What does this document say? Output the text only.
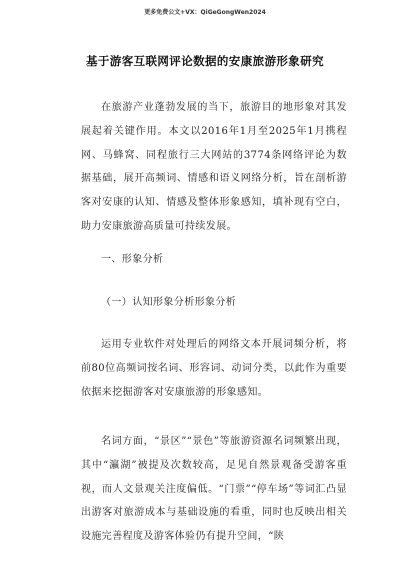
更多免费公文+VX：QiGeGongWen2024
基于游客互联网评论数据的安康旅游形象研究

在旅游产业蓬勃发展的当下，旅游目的地形象对其发展起着关键作用。本文以2016年1月至2025年1月携程网、马蜂窝、同程旅行三大网站的3774条网络评论为数据基础，展开高频词、情感和语义网络分析，旨在剖析游客对安康的认知、情感及整体形象感知，填补现有空白，助力安康旅游高质量可持续发展。

一、形象分析
（一）认知形象分析形象分析

运用专业软件对处理后的网络文本开展词频分析，将前80位高频词按名词、形容词、动词分类，以此作为重要依据来挖掘游客对安康旅游的形象感知。

名词方面，“景区”“景色”等旅游资源名词频繁出现，其中“瀛湖”被提及次数较高，足见自然景观备受游客重视，而人文景观关注度偏低。“门票”“停车场”等词汇凸显出游客对旅游成本与基础设施的看重，同时也反映出相关设施完善程度及游客体验仍有提升空间，“陕
